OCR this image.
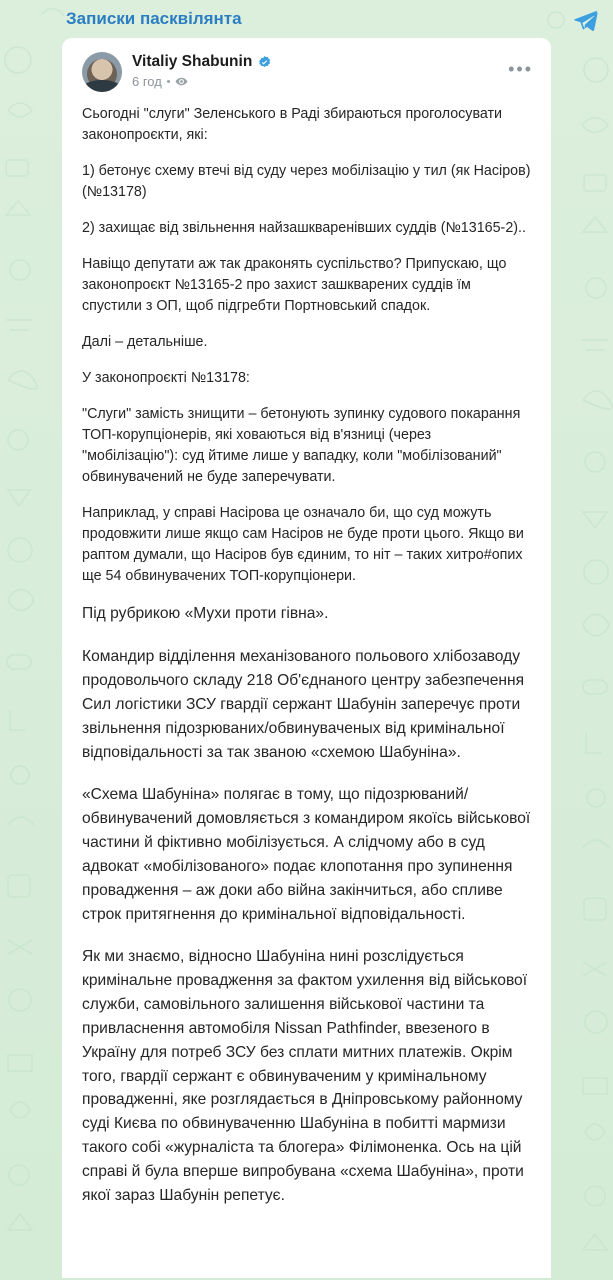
Записки пасквілянта
Vitaliy Shabunin
6 год
•••

Сьогодні "слуги" Зеленського в Раді збираються проголосувати законопроєкти, які:

1) бетонує схему втечі від суду через мобілізацію у тил (як Насіров) (№13178)

2) захищає від звільнення найзашкваренівших суддів (№13165-2)..

Навіщо депутати аж так драконять суспільство? Припускаю, що законопроєкт №13165-2 про захист зашкварених суддів їм спустили з ОП, щоб підгребти Портновський спадок.

Далі – детальніше.

У законопроєкті №13178:

"Слуги" замість знищити – бетонують зупинку судового покарання ТОП-корупціонерів, які ховаються від в'язниці (через "мобілізацію"): суд йтиме лише у вападку, коли "мобілізований" обвинувачений не буде заперечувати.

Наприклад, у справі Насірова це означало би, що суд можуть продовжити лише якщо сам Насіров не буде проти цього. Якщо ви раптом думали, що Насіров був єдиним, то ніт – таких хитро#опих ще 54 обвинувачених ТОП-корупціонери.

Під рубрикою «Мухи проти гівна».

Командир відділення механізованого польового хлібозаводу продовольчого складу 218 Об'єднаного центру забезпечення Сил логістики ЗСУ гвардії сержант Шабунін заперечує проти звільнення підозрюваних/обвинуваченых від кримінальної відповідальності за так званою «схемою Шабуніна».

«Схема Шабуніна» полягає в тому, що підозрюваний/обвинувачений домовляється з командиром якоїсь військової частини й фіктивно мобілізується. А слідчому або в суд адвокат «мобілізованого» подає клопотання про зупинення провадження – аж доки або війна закінчиться, або спливе строк притягнення до кримінальної відповідальності.

Як ми знаємо, відносно Шабуніна нині розслідується кримінальне провадження за фактом ухилення від військової служби, самовільного залишення військової частини та привласнення автомобіля Nissan Pathfinder, ввезеного в Україну для потреб ЗСУ без сплати митних платежів. Окрім того, гвардії сержант є обвинуваченим у кримінальному провадженні, яке розглядається в Дніпровському районному суді Києва по обвинуваченню Шабуніна в побитті мармизи такого собі «журналіста та блогера» Філімоненка. Ось на цій справі й була вперше випробувана «схема Шабуніна», проти якої зараз Шабунін репетує.
